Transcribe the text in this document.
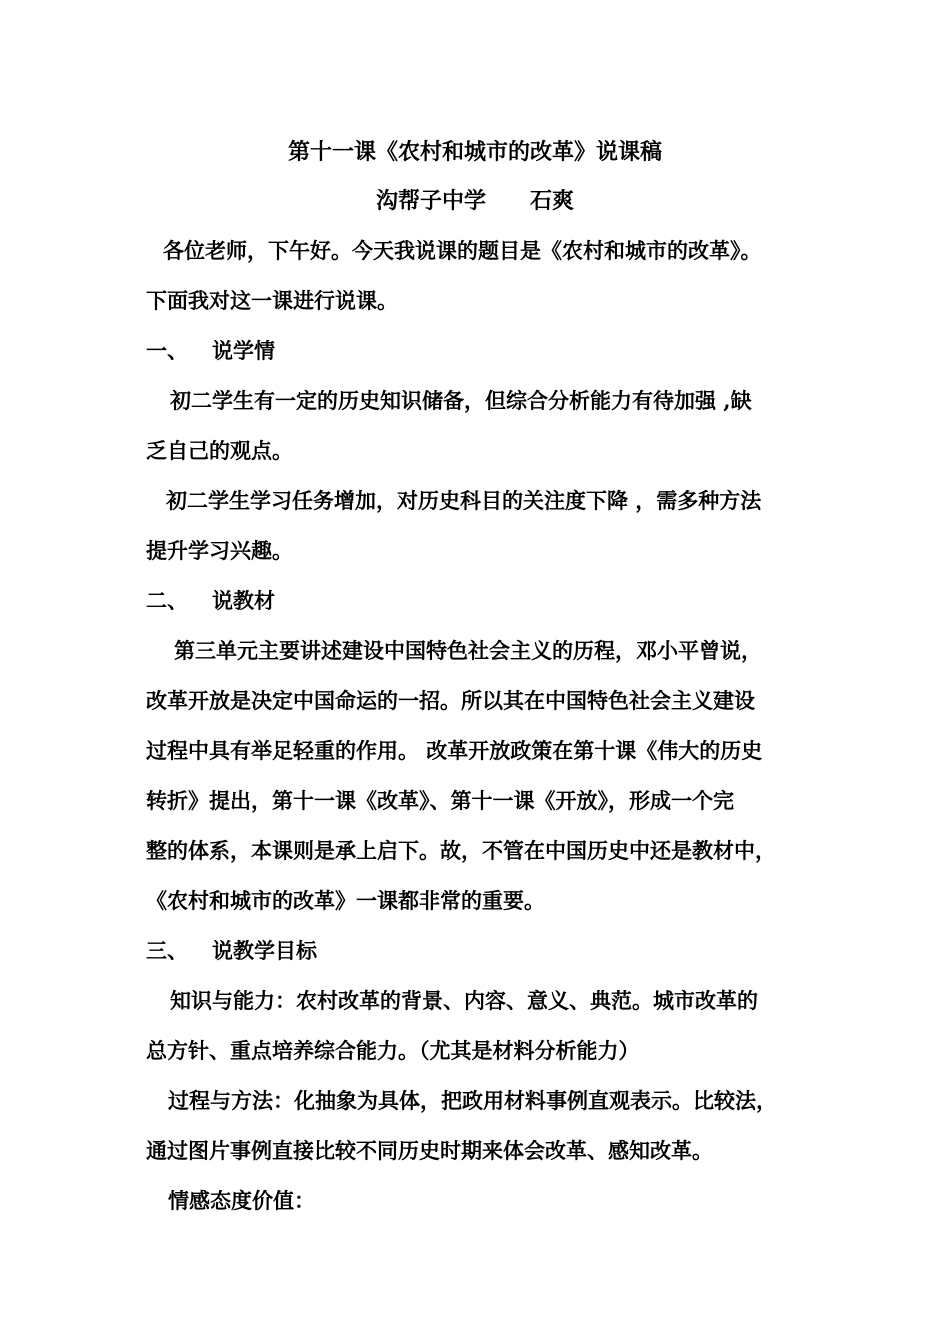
第十一课《农村和城市的改革》说课稿
沟帮子中学　　石爽
各位老师，下午好。今天我说课的题目是《农村和城市的改革》。
下面我对这一课进行说课。
一、 说学情
初二学生有一定的历史知识储备，但综合分析能力有待加强 ,缺
乏自己的观点。
初二学生学习任务增加，对历史科目的关注度下降 ，需多种方法
提升学习兴趣。
二、 说教材
第三单元主要讲述建设中国特色社会主义的历程，邓小平曾说，
改革开放是决定中国命运的一招。所以其在中国特色社会主义建设
过程中具有举足轻重的作用。 改革开放政策在第十课《伟大的历史
转折》提出，第十一课《改革》、第十一课《开放》，形成一个完
整的体系，本课则是承上启下。故，不管在中国历史中还是教材中，
《农村和城市的改革》一课都非常的重要。
三、 说教学目标
知识与能力：农村改革的背景、内容、意义、典范。城市改革的
总方针、重点培养综合能力。（尤其是材料分析能力）
过程与方法：化抽象为具体，把政用材料事例直观表示。比较法，
通过图片事例直接比较不同历史时期来体会改革、感知改革。
情感态度价值：
